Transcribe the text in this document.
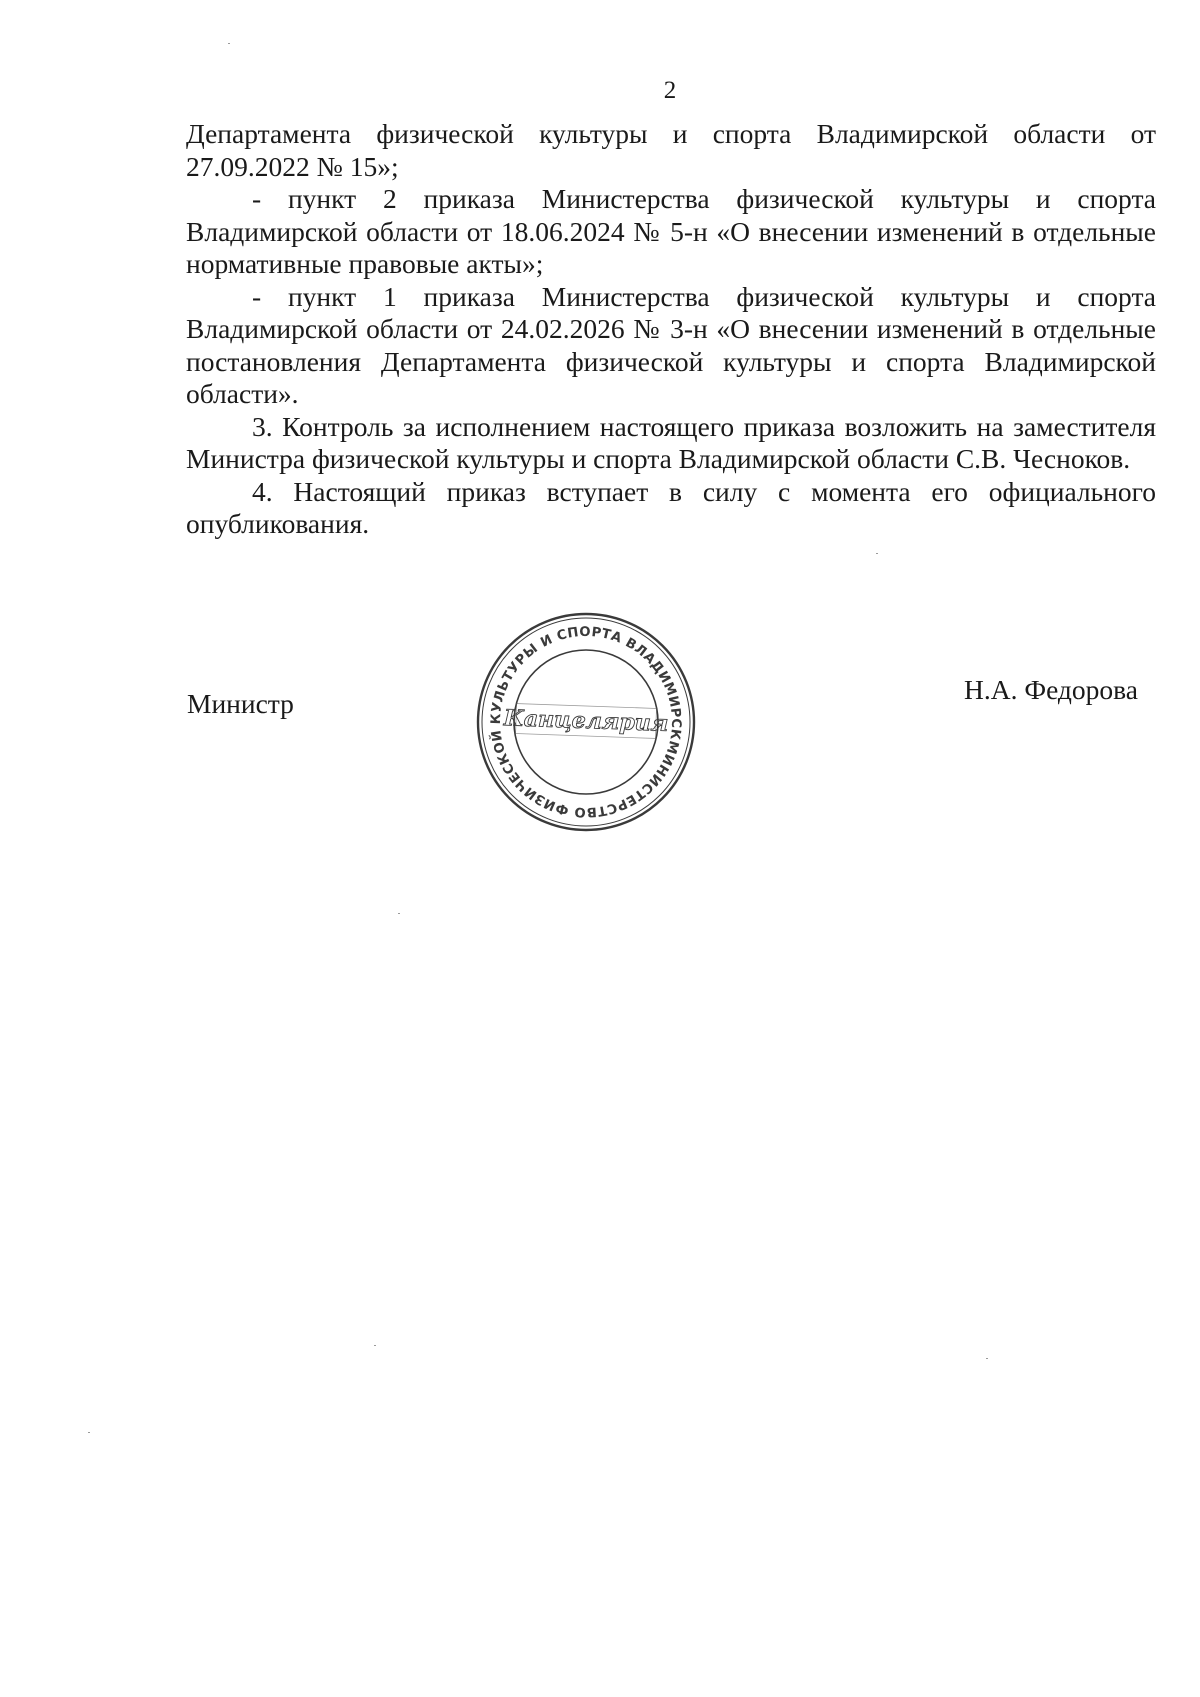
2

Департамента физической культуры и спорта Владимирской области от 27.09.2022 № 15»;

- пункт 2 приказа Министерства физической культуры и спорта Владимирской области от 18.06.2024 № 5-н «О внесении изменений в отдельные нормативные правовые акты»;

- пункт 1 приказа Министерства физической культуры и спорта Владимирской области от 24.02.2026 № 3-н «О внесении изменений в отдельные постановления Департамента физической культуры и спорта Владимирской области».

3. Контроль за исполнением настоящего приказа возложить на заместителя Министра физической культуры и спорта Владимирской области С.В. Чесноков.

4. Настоящий приказ вступает в силу с момента его официального опубликования.

Министр	Н.А. Федорова
МИНИСТЕРСТВО ФИЗИЧЕСКОЙ КУЛЬТУРЫ И СПОРТА ВЛАДИМИРСКОЙ
Канцелярия
